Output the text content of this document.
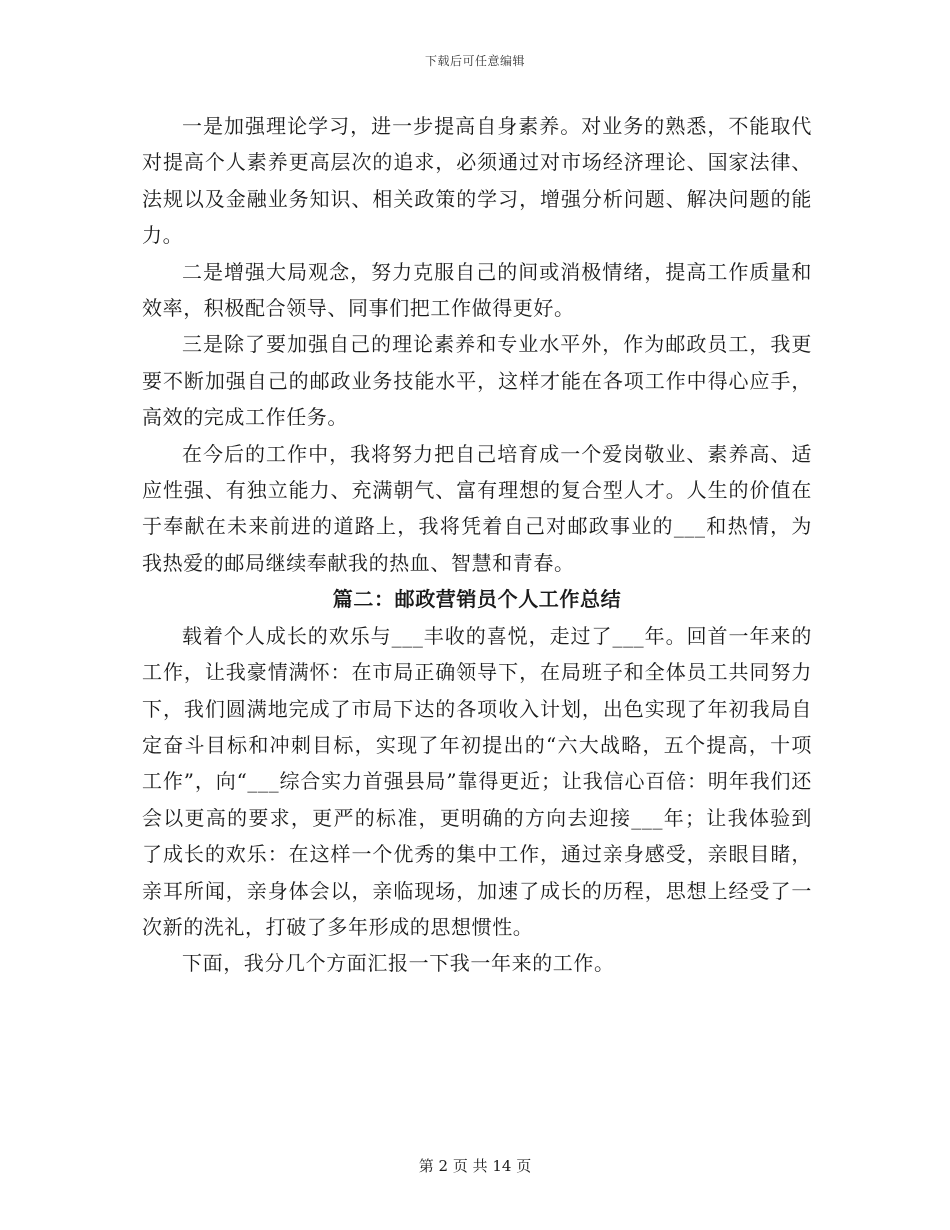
下载后可任意编辑

一是加强理论学习，进一步提高自身素养。对业务的熟悉，不能取代对提高个人素养更高层次的追求，必须通过对市场经济理论、国家法律、法规以及金融业务知识、相关政策的学习，增强分析问题、解决问题的能力。

二是增强大局观念，努力克服自己的间或消极情绪，提高工作质量和效率，积极配合领导、同事们把工作做得更好。

三是除了要加强自己的理论素养和专业水平外，作为邮政员工，我更要不断加强自己的邮政业务技能水平，这样才能在各项工作中得心应手，高效的完成工作任务。

在今后的工作中，我将努力把自己培育成一个爱岗敬业、素养高、适应性强、有独立能力、充满朝气、富有理想的复合型人才。人生的价值在于奉献在未来前进的道路上，我将凭着自己对邮政事业的___和热情，为我热爱的邮局继续奉献我的热血、智慧和青春。

篇二：邮政营销员个人工作总结

载着个人成长的欢乐与___丰收的喜悦，走过了___年。回首一年来的工作，让我豪情满怀：在市局正确领导下，在局班子和全体员工共同努力下，我们圆满地完成了市局下达的各项收入计划，出色实现了年初我局自定奋斗目标和冲刺目标，实现了年初提出的“六大战略，五个提高，十项工作”，向“___综合实力首强县局”靠得更近；让我信心百倍：明年我们还会以更高的要求，更严的标准，更明确的方向去迎接___年；让我体验到了成长的欢乐：在这样一个优秀的集中工作，通过亲身感受，亲眼目睹，亲耳所闻，亲身体会以，亲临现场，加速了成长的历程，思想上经受了一次新的洗礼，打破了多年形成的思想惯性。

下面，我分几个方面汇报一下我一年来的工作。

第 2 页 共 14 页
